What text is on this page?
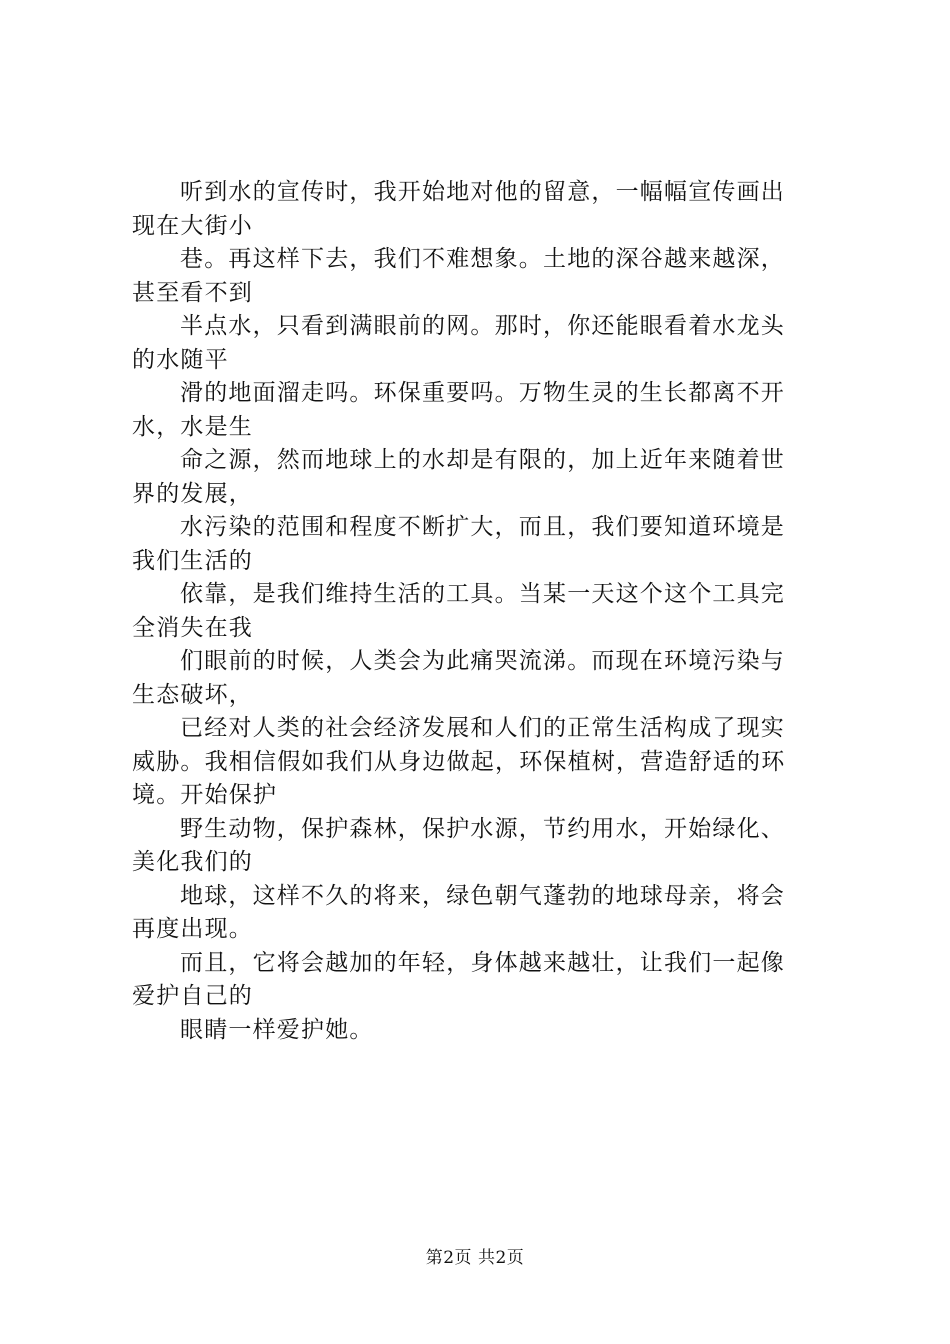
听到水的宣传时，我开始地对他的留意，一幅幅宣传画出
现在大街小
巷。再这样下去，我们不难想象。土地的深谷越来越深，
甚至看不到
半点水，只看到满眼前的网。那时，你还能眼看着水龙头
的水随平
滑的地面溜走吗。环保重要吗。万物生灵的生长都离不开
水，水是生
命之源，然而地球上的水却是有限的，加上近年来随着世
界的发展，
水污染的范围和程度不断扩大，而且，我们要知道环境是
我们生活的
依靠，是我们维持生活的工具。当某一天这个这个工具完
全消失在我
们眼前的时候，人类会为此痛哭流涕。而现在环境污染与
生态破坏，
已经对人类的社会经济发展和人们的正常生活构成了现实
威胁。我相信假如我们从身边做起，环保植树，营造舒适的环
境。开始保护
野生动物，保护森林，保护水源，节约用水，开始绿化、
美化我们的
地球，这样不久的将来，绿色朝气蓬勃的地球母亲，将会
再度出现。
而且，它将会越加的年轻，身体越来越壮，让我们一起像
爱护自己的
眼睛一样爱护她。
第2页 共2页
